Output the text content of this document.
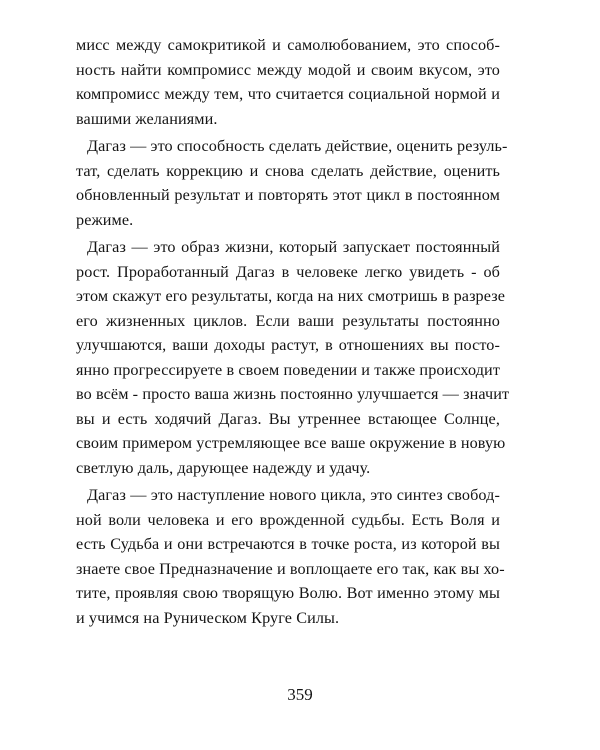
мисс между самокритикой и самолюбованием, это способ-
ность найти компромисс между модой и своим вкусом, это
компромисс между тем, что считается социальной нормой и
вашими желаниями.

Дагаз — это способность сделать действие, оценить резуль-
тат, сделать коррекцию и снова сделать действие, оценить
обновленный результат и повторять этот цикл в постоянном
режиме.

Дагаз — это образ жизни, который запускает постоянный
рост. Проработанный Дагаз в человеке легко увидеть - об
этом скажут его результаты, когда на них смотришь в разрезе
его жизненных циклов. Если ваши результаты постоянно
улучшаются, ваши доходы растут, в отношениях вы посто-
янно прогрессируете в своем поведении и также происходит
во всём - просто ваша жизнь постоянно улучшается — значит
вы и есть ходячий Дагаз. Вы утреннее встающее Солнце,
своим примером устремляющее все ваше окружение в новую
светлую даль, дарующее надежду и удачу.

Дагаз — это наступление нового цикла, это синтез свобод-
ной воли человека и его врожденной судьбы. Есть Воля и
есть Судьба и они встречаются в точке роста, из которой вы
знаете свое Предназначение и воплощаете его так, как вы хо-
тите, проявляя свою творящую Волю. Вот именно этому мы
и учимся на Руническом Круге Силы.

359
